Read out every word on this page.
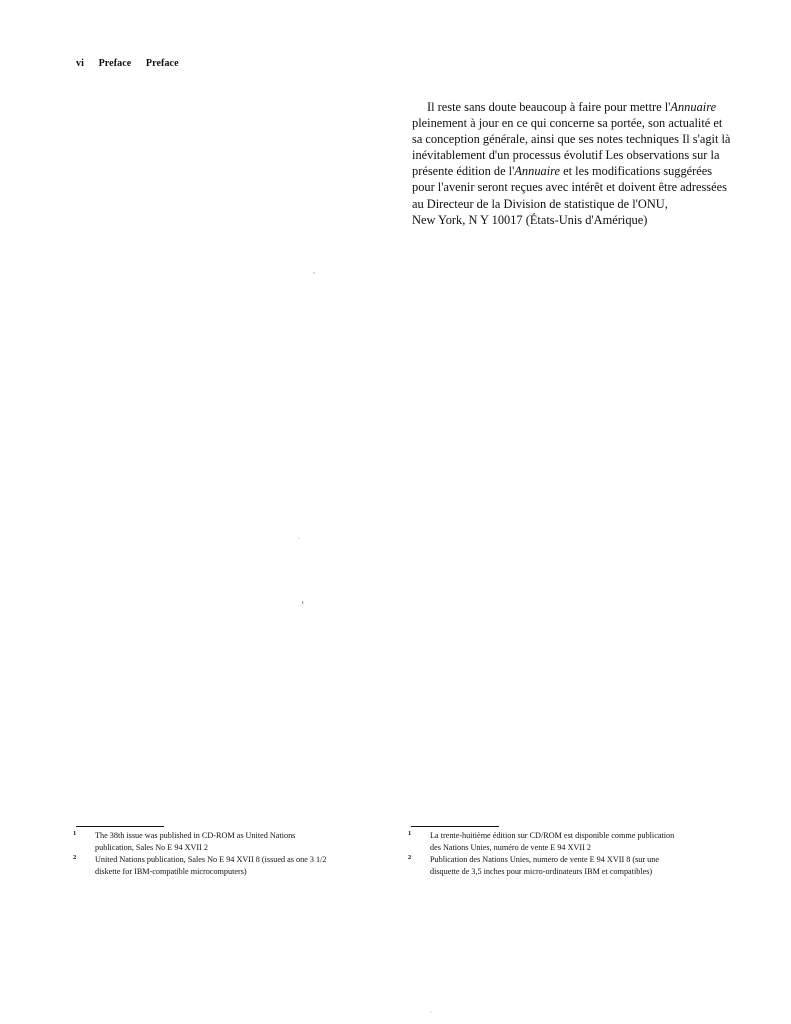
vi Preface Preface
Il reste sans doute beaucoup à faire pour mettre l'Annuaire
pleinement à jour en ce qui concerne sa portée, son actualité et
sa conception générale, ainsi que ses notes techniques Il s'agit là
inévitablement d'un processus évolutif Les observations sur la
présente édition de l'Annuaire et les modifications suggérées
pour l'avenir seront reçues avec intérêt et doivent être adressées
au Directeur de la Division de statistique de l'ONU,
New York, N Y 10017 (États-Unis d'Amérique)
‘
·
ı
·
1 The 38th issue was published in CD-ROM as United Nations
publication, Sales No E 94 XVII 2
2 United Nations publication, Sales No E 94 XVII 8 (issued as one 3 1/2
diskette for IBM-compatible microcomputers)
1 La trente-huitième édition sur CD/ROM est disponible comme publication
des Nations Unies, numéro de vente E 94 XVII 2
2 Publication des Nations Unies, numero de vente E 94 XVII 8 (sur une
disquette de 3,5 inches pour micro-ordinateurs IBM et compatibles)
